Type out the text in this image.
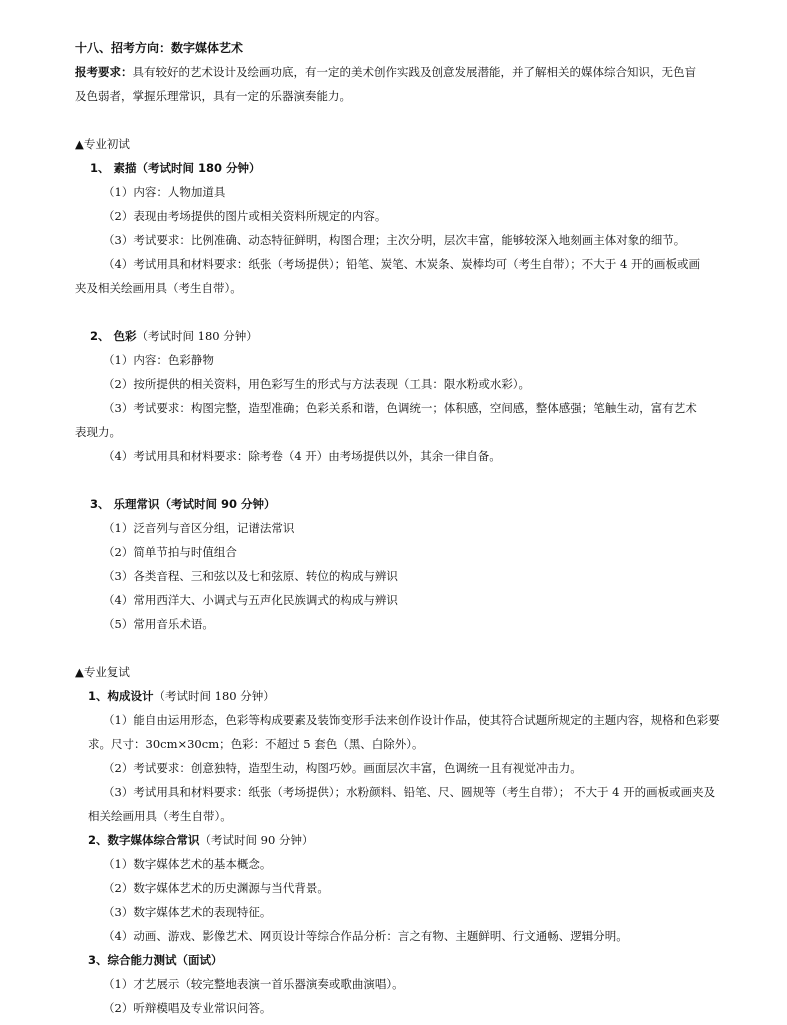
十八、招考方向：数字媒体艺术
报考要求：具有较好的艺术设计及绘画功底，有一定的美术创作实践及创意发展潜能，并了解相关的媒体综合知识，无色盲
及色弱者，掌握乐理常识，具有一定的乐器演奏能力。
▲专业初试
1、 素描（考试时间 180 分钟）
（1）内容：人物加道具
（2）表现由考场提供的图片或相关资料所规定的内容。
（3）考试要求：比例准确、动态特征鲜明，构图合理；主次分明，层次丰富，能够较深入地刻画主体对象的细节。
（4）考试用具和材料要求：纸张（考场提供）；铅笔、炭笔、木炭条、炭棒均可（考生自带）；不大于 4 开的画板或画
夹及相关绘画用具（考生自带）。
2、 色彩（考试时间 180 分钟）
（1）内容：色彩静物
（2）按所提供的相关资料，用色彩写生的形式与方法表现（工具：限水粉或水彩）。
（3）考试要求：构图完整，造型准确；色彩关系和谐，色调统一；体积感，空间感，整体感强；笔触生动，富有艺术
表现力。
（4）考试用具和材料要求：除考卷（4 开）由考场提供以外，其余一律自备。
3、 乐理常识（考试时间 90 分钟）
（1）泛音列与音区分组，记谱法常识
（2）简单节拍与时值组合
（3）各类音程、三和弦以及七和弦原、转位的构成与辨识
（4）常用西洋大、小调式与五声化民族调式的构成与辨识
（5）常用音乐术语。
▲专业复试
1、构成设计（考试时间 180 分钟）
（1）能自由运用形态，色彩等构成要素及装饰变形手法来创作设计作品，使其符合试题所规定的主题内容，规格和色彩要
求。尺寸：30cm×30cm；色彩：不超过 5 套色（黑、白除外）。
（2）考试要求：创意独特，造型生动，构图巧妙。画面层次丰富，色调统一且有视觉冲击力。
（3）考试用具和材料要求：纸张（考场提供）；水粉颜料、铅笔、尺、圆规等（考生自带）； 不大于 4 开的画板或画夹及
相关绘画用具（考生自带）。
2、数字媒体综合常识（考试时间 90 分钟）
（1）数字媒体艺术的基本概念。
（2）数字媒体艺术的历史渊源与当代背景。
（3）数字媒体艺术的表现特征。
（4）动画、游戏、影像艺术、网页设计等综合作品分析：言之有物、主题鲜明、行文通畅、逻辑分明。
3、综合能力测试（面试）
（1）才艺展示（较完整地表演一首乐器演奏或歌曲演唱）。
（2）听辩模唱及专业常识问答。
